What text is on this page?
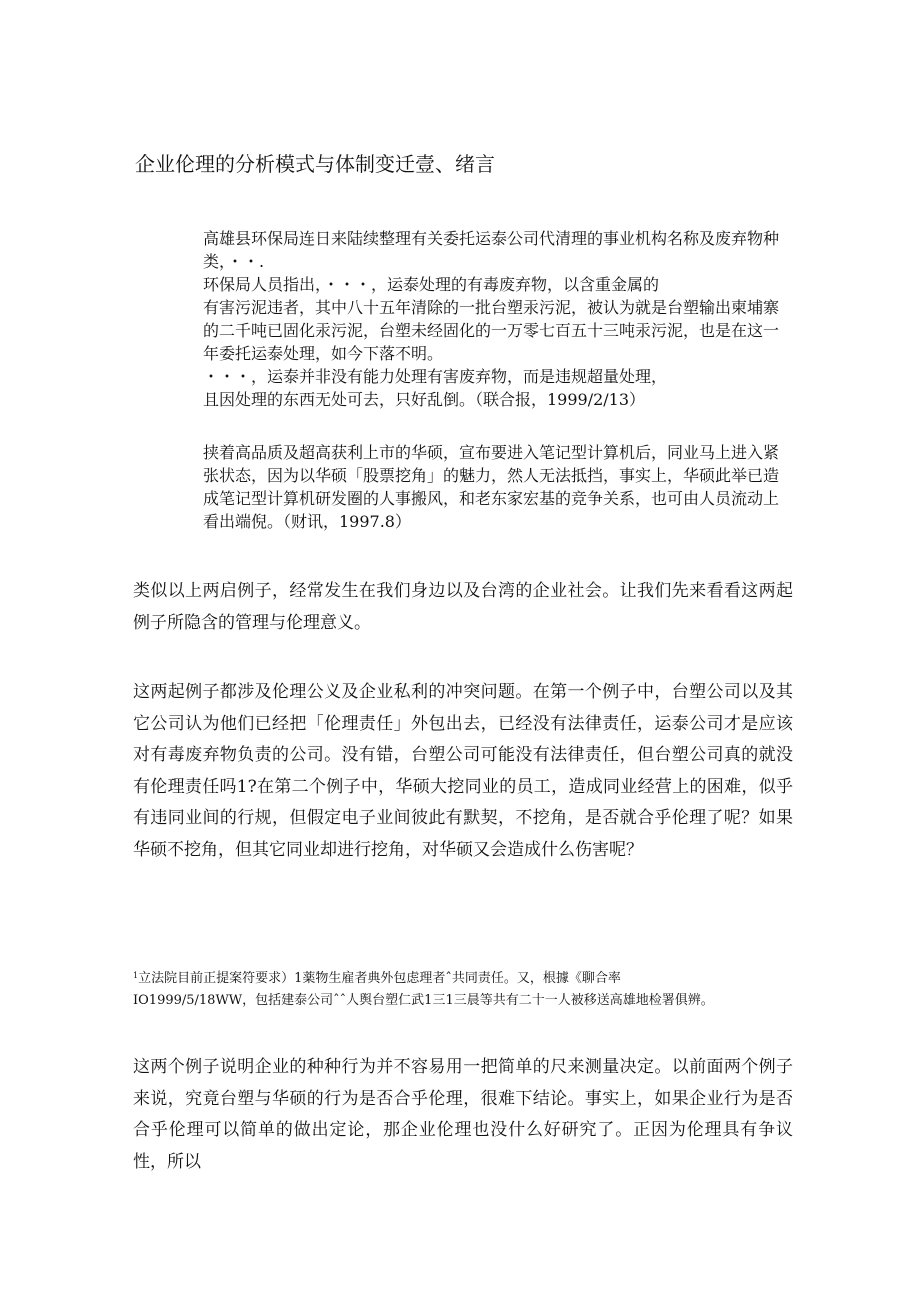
企业伦理的分析模式与体制变迁壹、绪言

高雄县环保局连日来陆续整理有关委托运泰公司代清理的事业机构名称及废弃物种类，・・.

环保局人员指出，・・・，运泰处理的有毒废弃物，以含重金属的

有害污泥违者，其中八十五年清除的一批台塑汞污泥，被认为就是台塑输出柬埔寨的二千吨已固化汞污泥，台塑未经固化的一万零七百五十三吨汞污泥，也是在这一年委托运泰处理，如今下落不明。

・・・，运泰并非没有能力处理有害废弃物，而是违规超量处理，

且因处理的东西无处可去，只好乱倒。（联合报，1999/2/13）

挟着高品质及超高获利上市的华硕，宣布要进入笔记型计算机后，同业马上进入紧张状态，因为以华硕「股票挖角」的魅力，然人无法抵挡，事实上，华硕此举已造成笔记型计算机研发圈的人事搬风，和老东家宏基的竞争关系，也可由人员流动上看出端倪。（财讯，1997.8）

类似以上两启例子，经常发生在我们身边以及台湾的企业社会。让我们先来看看这两起例子所隐含的管理与伦理意义。

这两起例子都涉及伦理公义及企业私利的冲突问题。在第一个例子中，台塑公司以及其它公司认为他们已经把「伦理责任」外包出去，已经没有法律责任，运泰公司才是应该对有毒废弃物负责的公司。没有错，台塑公司可能没有法律责任，但台塑公司真的就没有伦理责任吗1?在第二个例子中，华硕大挖同业的员工，造成同业经营上的困难，似乎有违同业间的行规，但假定电子业间彼此有默契，不挖角，是否就合乎伦理了呢？如果华硕不挖角，但其它同业却进行挖角，对华硕又会造成什么伤害呢？

$^1$立法院目前正提案符要求）1薬物生雇者典外包虑理者ˆ共同责任。又，根據《聊合率

IO1999/5/18WW，包括建泰公司ˆˆ人舆台塑仁武1三1三晨等共有二十一人被移送高雄地检署俱辨。

这两个例子说明企业的种种行为并不容易用一把简单的尺来测量决定。以前面两个例子来说，究竟台塑与华硕的行为是否合乎伦理，很难下结论。事实上，如果企业行为是否合乎伦理可以简单的做出定论，那企业伦理也没什么好研究了。正因为伦理具有争议性，所以
